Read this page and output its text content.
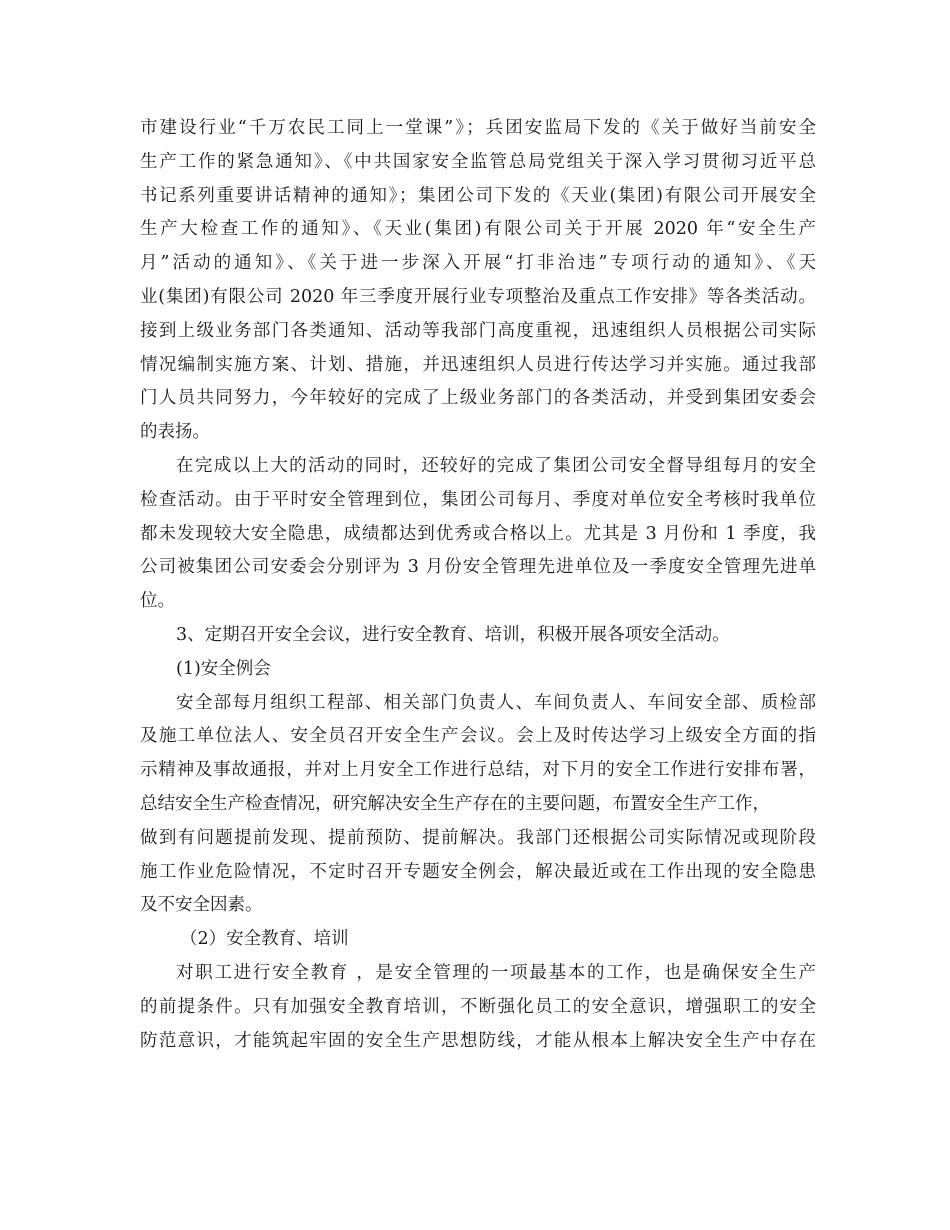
市建设行业“千万农民工同上一堂课”》；兵团安监局下发的《关于做好当前安全
生产工作的紧急通知》、《中共国家安全监管总局党组关于深入学习贯彻习近平总
书记系列重要讲话精神的通知》；集团公司下发的《天业(集团)有限公司开展安全
生产大检查工作的通知》、《天业(集团)有限公司关于开展 2020 年“安全生产
月”活动的通知》、《关于进一步深入开展“打非治违”专项行动的通知》、《天
业(集团)有限公司 2020 年三季度开展行业专项整治及重点工作安排》等各类活动。
接到上级业务部门各类通知、活动等我部门高度重视，迅速组织人员根据公司实际
情况编制实施方案、计划、措施，并迅速组织人员进行传达学习并实施。通过我部
门人员共同努力，今年较好的完成了上级业务部门的各类活动，并受到集团安委会
的表扬。
在完成以上大的活动的同时，还较好的完成了集团公司安全督导组每月的安全
检查活动。由于平时安全管理到位，集团公司每月、季度对单位安全考核时我单位
都未发现较大安全隐患，成绩都达到优秀或合格以上。尤其是 3 月份和 1 季度，我
公司被集团公司安委会分别评为 3 月份安全管理先进单位及一季度安全管理先进单
位。
3、定期召开安全会议，进行安全教育、培训，积极开展各项安全活动。
(1)安全例会
安全部每月组织工程部、相关部门负责人、车间负责人、车间安全部、质检部
及施工单位法人、安全员召开安全生产会议。会上及时传达学习上级安全方面的指
示精神及事故通报，并对上月安全工作进行总结，对下月的安全工作进行安排布署，
总结安全生产检查情况，研究解决安全生产存在的主要问题，布置安全生产工作，
做到有问题提前发现、提前预防、提前解决。我部门还根据公司实际情况或现阶段
施工作业危险情况，不定时召开专题安全例会，解决最近或在工作出现的安全隐患
及不安全因素。
（2）安全教育、培训
对职工进行安全教育 ，是安全管理的一项最基本的工作，也是确保安全生产
的前提条件。只有加强安全教育培训，不断强化员工的安全意识，增强职工的安全
防范意识，才能筑起牢固的安全生产思想防线，才能从根本上解决安全生产中存在
